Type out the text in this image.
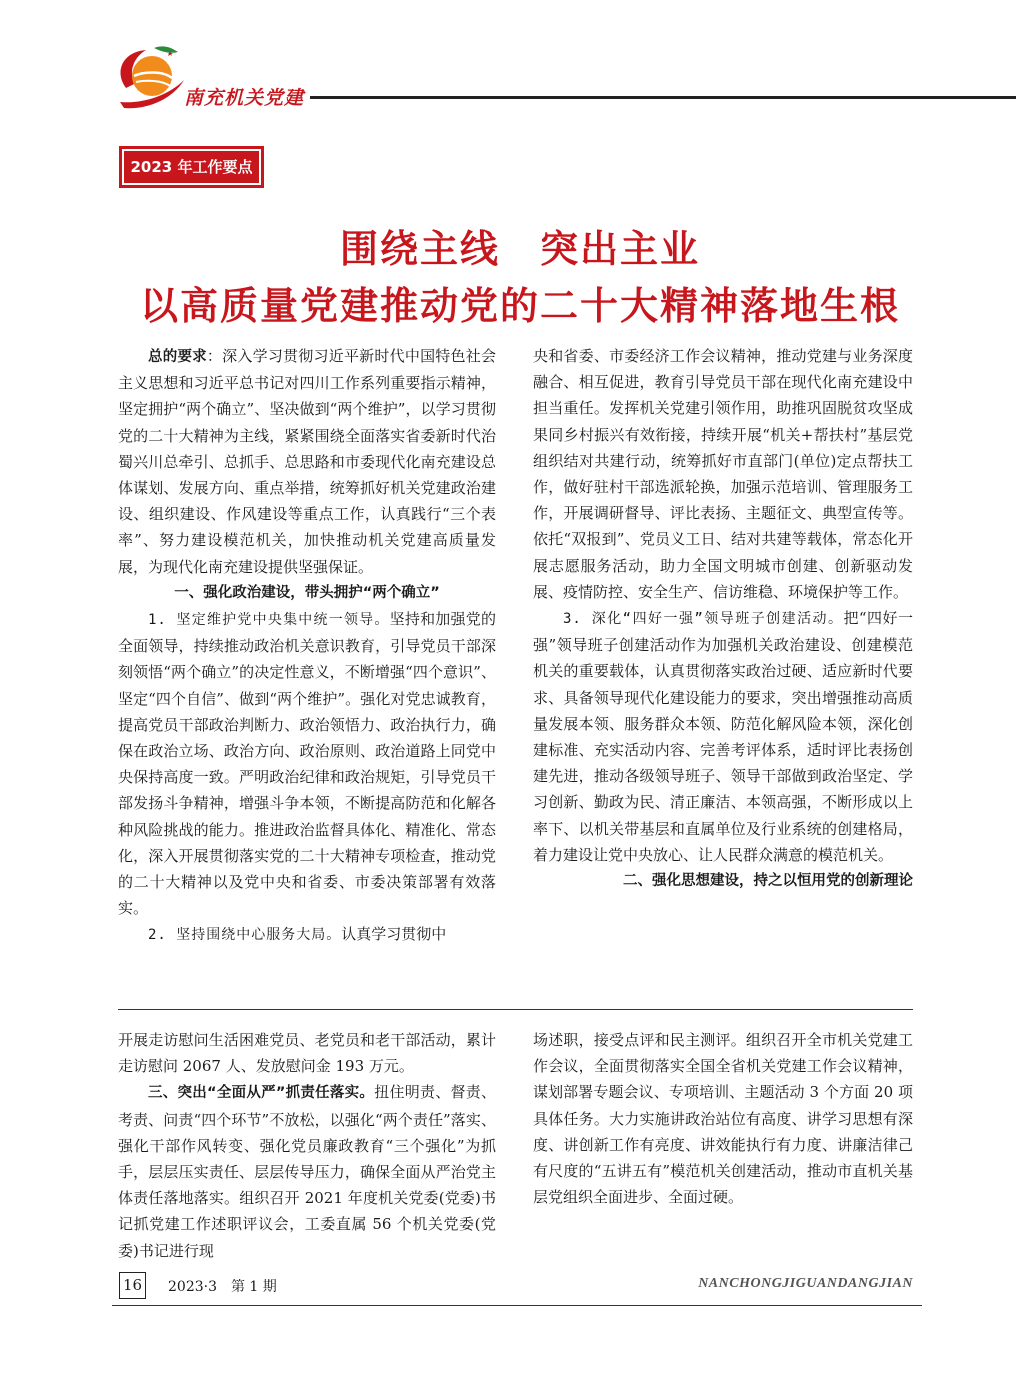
南充机关党建
2023 年工作要点
围绕主线　突出主业
以高质量党建推动党的二十大精神落地生根

总的要求：深入学习贯彻习近平新时代中国特色社会主义思想和习近平总书记对四川工作系列重要指示精神，坚定拥护“两个确立”、坚决做到“两个维护”，以学习贯彻党的二十大精神为主线，紧紧围绕全面落实省委新时代治蜀兴川总牵引、总抓手、总思路和市委现代化南充建设总体谋划、发展方向、重点举措，统筹抓好机关党建政治建设、组织建设、作风建设等重点工作，认真践行“三个表率”、努力建设模范机关，加快推动机关党建高质量发展，为现代化南充建设提供坚强保证。

一、强化政治建设，带头拥护“两个确立”

1. 坚定维护党中央集中统一领导。坚持和加强党的全面领导，持续推动政治机关意识教育，引导党员干部深刻领悟“两个确立”的决定性意义，不断增强“四个意识”、坚定“四个自信”、做到“两个维护”。强化对党忠诚教育，提高党员干部政治判断力、政治领悟力、政治执行力，确保在政治立场、政治方向、政治原则、政治道路上同党中央保持高度一致。严明政治纪律和政治规矩，引导党员干部发扬斗争精神，增强斗争本领，不断提高防范和化解各种风险挑战的能力。推进政治监督具体化、精准化、常态化，深入开展贯彻落实党的二十大精神专项检查，推动党的二十大精神以及党中央和省委、市委决策部署有效落实。

2. 坚持围绕中心服务大局。认真学习贯彻中

央和省委、市委经济工作会议精神，推动党建与业务深度融合、相互促进，教育引导党员干部在现代化南充建设中担当重任。发挥机关党建引领作用，助推巩固脱贫攻坚成果同乡村振兴有效衔接，持续开展“机关+帮扶村”基层党组织结对共建行动，统筹抓好市直部门(单位)定点帮扶工作，做好驻村干部选派轮换，加强示范培训、管理服务工作，开展调研督导、评比表扬、主题征文、典型宣传等。依托“双报到”、党员义工日、结对共建等载体，常态化开展志愿服务活动，助力全国文明城市创建、创新驱动发展、疫情防控、安全生产、信访维稳、环境保护等工作。

3. 深化“四好一强”领导班子创建活动。把“四好一强”领导班子创建活动作为加强机关政治建设、创建模范机关的重要载体，认真贯彻落实政治过硬、适应新时代要求、具备领导现代化建设能力的要求，突出增强推动高质量发展本领、服务群众本领、防范化解风险本领，深化创建标准、充实活动内容、完善考评体系，适时评比表扬创建先进，推动各级领导班子、领导干部做到政治坚定、学习创新、勤政为民、清正廉洁、本领高强，不断形成以上率下、以机关带基层和直属单位及行业系统的创建格局，着力建设让党中央放心、让人民群众满意的模范机关。

二、强化思想建设，持之以恒用党的创新理论

开展走访慰问生活困难党员、老党员和老干部活动，累计走访慰问 2067 人、发放慰问金 193 万元。

三、突出“全面从严”抓责任落实。扭住明责、督责、考责、问责“四个环节”不放松，以强化“两个责任”落实、强化干部作风转变、强化党员廉政教育“三个强化”为抓手，层层压实责任、层层传导压力，确保全面从严治党主体责任落地落实。组织召开 2021 年度机关党委(党委)书记抓党建工作述职评议会，工委直属 56 个机关党委(党委)书记进行现

场述职，接受点评和民主测评。组织召开全市机关党建工作会议，全面贯彻落实全国全省机关党建工作会议精神，谋划部署专题会议、专项培训、主题活动 3 个方面 20 项具体任务。大力实施讲政治站位有高度、讲学习思想有深度、讲创新工作有亮度、讲效能执行有力度、讲廉洁律己有尺度的“五讲五有”模范机关创建活动，推动市直机关基层党组织全面进步、全面过硬。

16 2023·3　第 1 期	NANCHONGJIGUANDANGJIAN
